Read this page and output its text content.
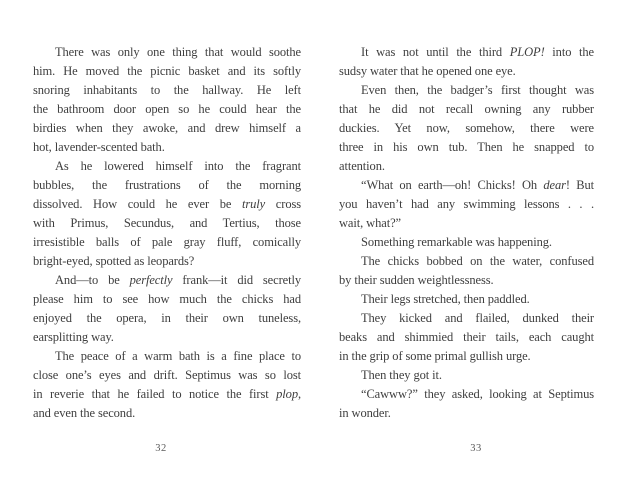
There was only one thing that would soothe
him. He moved the picnic basket and its softly
snoring inhabitants to the hallway. He left
the bathroom door open so he could hear the
birdies when they awoke, and drew himself a
hot, lavender-scented bath.
As he lowered himself into the fragrant
bubbles, the frustrations of the morning
dissolved. How could he ever be truly cross
with Primus, Secundus, and Tertius, those
irresistible balls of pale gray fluff, comically
bright-eyed, spotted as leopards?
And—to be perfectly frank—it did secretly
please him to see how much the chicks had
enjoyed the opera, in their own tuneless,
earsplitting way.
The peace of a warm bath is a fine place to
close one’s eyes and drift. Septimus was so lost
in reverie that he failed to notice the first plop,
and even the second.
It was not until the third PLOP! into the
sudsy water that he opened one eye.
Even then, the badger’s first thought was
that he did not recall owning any rubber
duckies. Yet now, somehow, there were
three in his own tub. Then he snapped to
attention.
“What on earth—oh! Chicks! Oh dear! But
you haven’t had any swimming lessons . . .
wait, what?”
Something remarkable was happening.
The chicks bobbed on the water, confused
by their sudden weightlessness.
Their legs stretched, then paddled.
They kicked and flailed, dunked their
beaks and shimmied their tails, each caught
in the grip of some primal gullish urge.
Then they got it.
“Cawww?” they asked, looking at Septimus
in wonder.
32	33
